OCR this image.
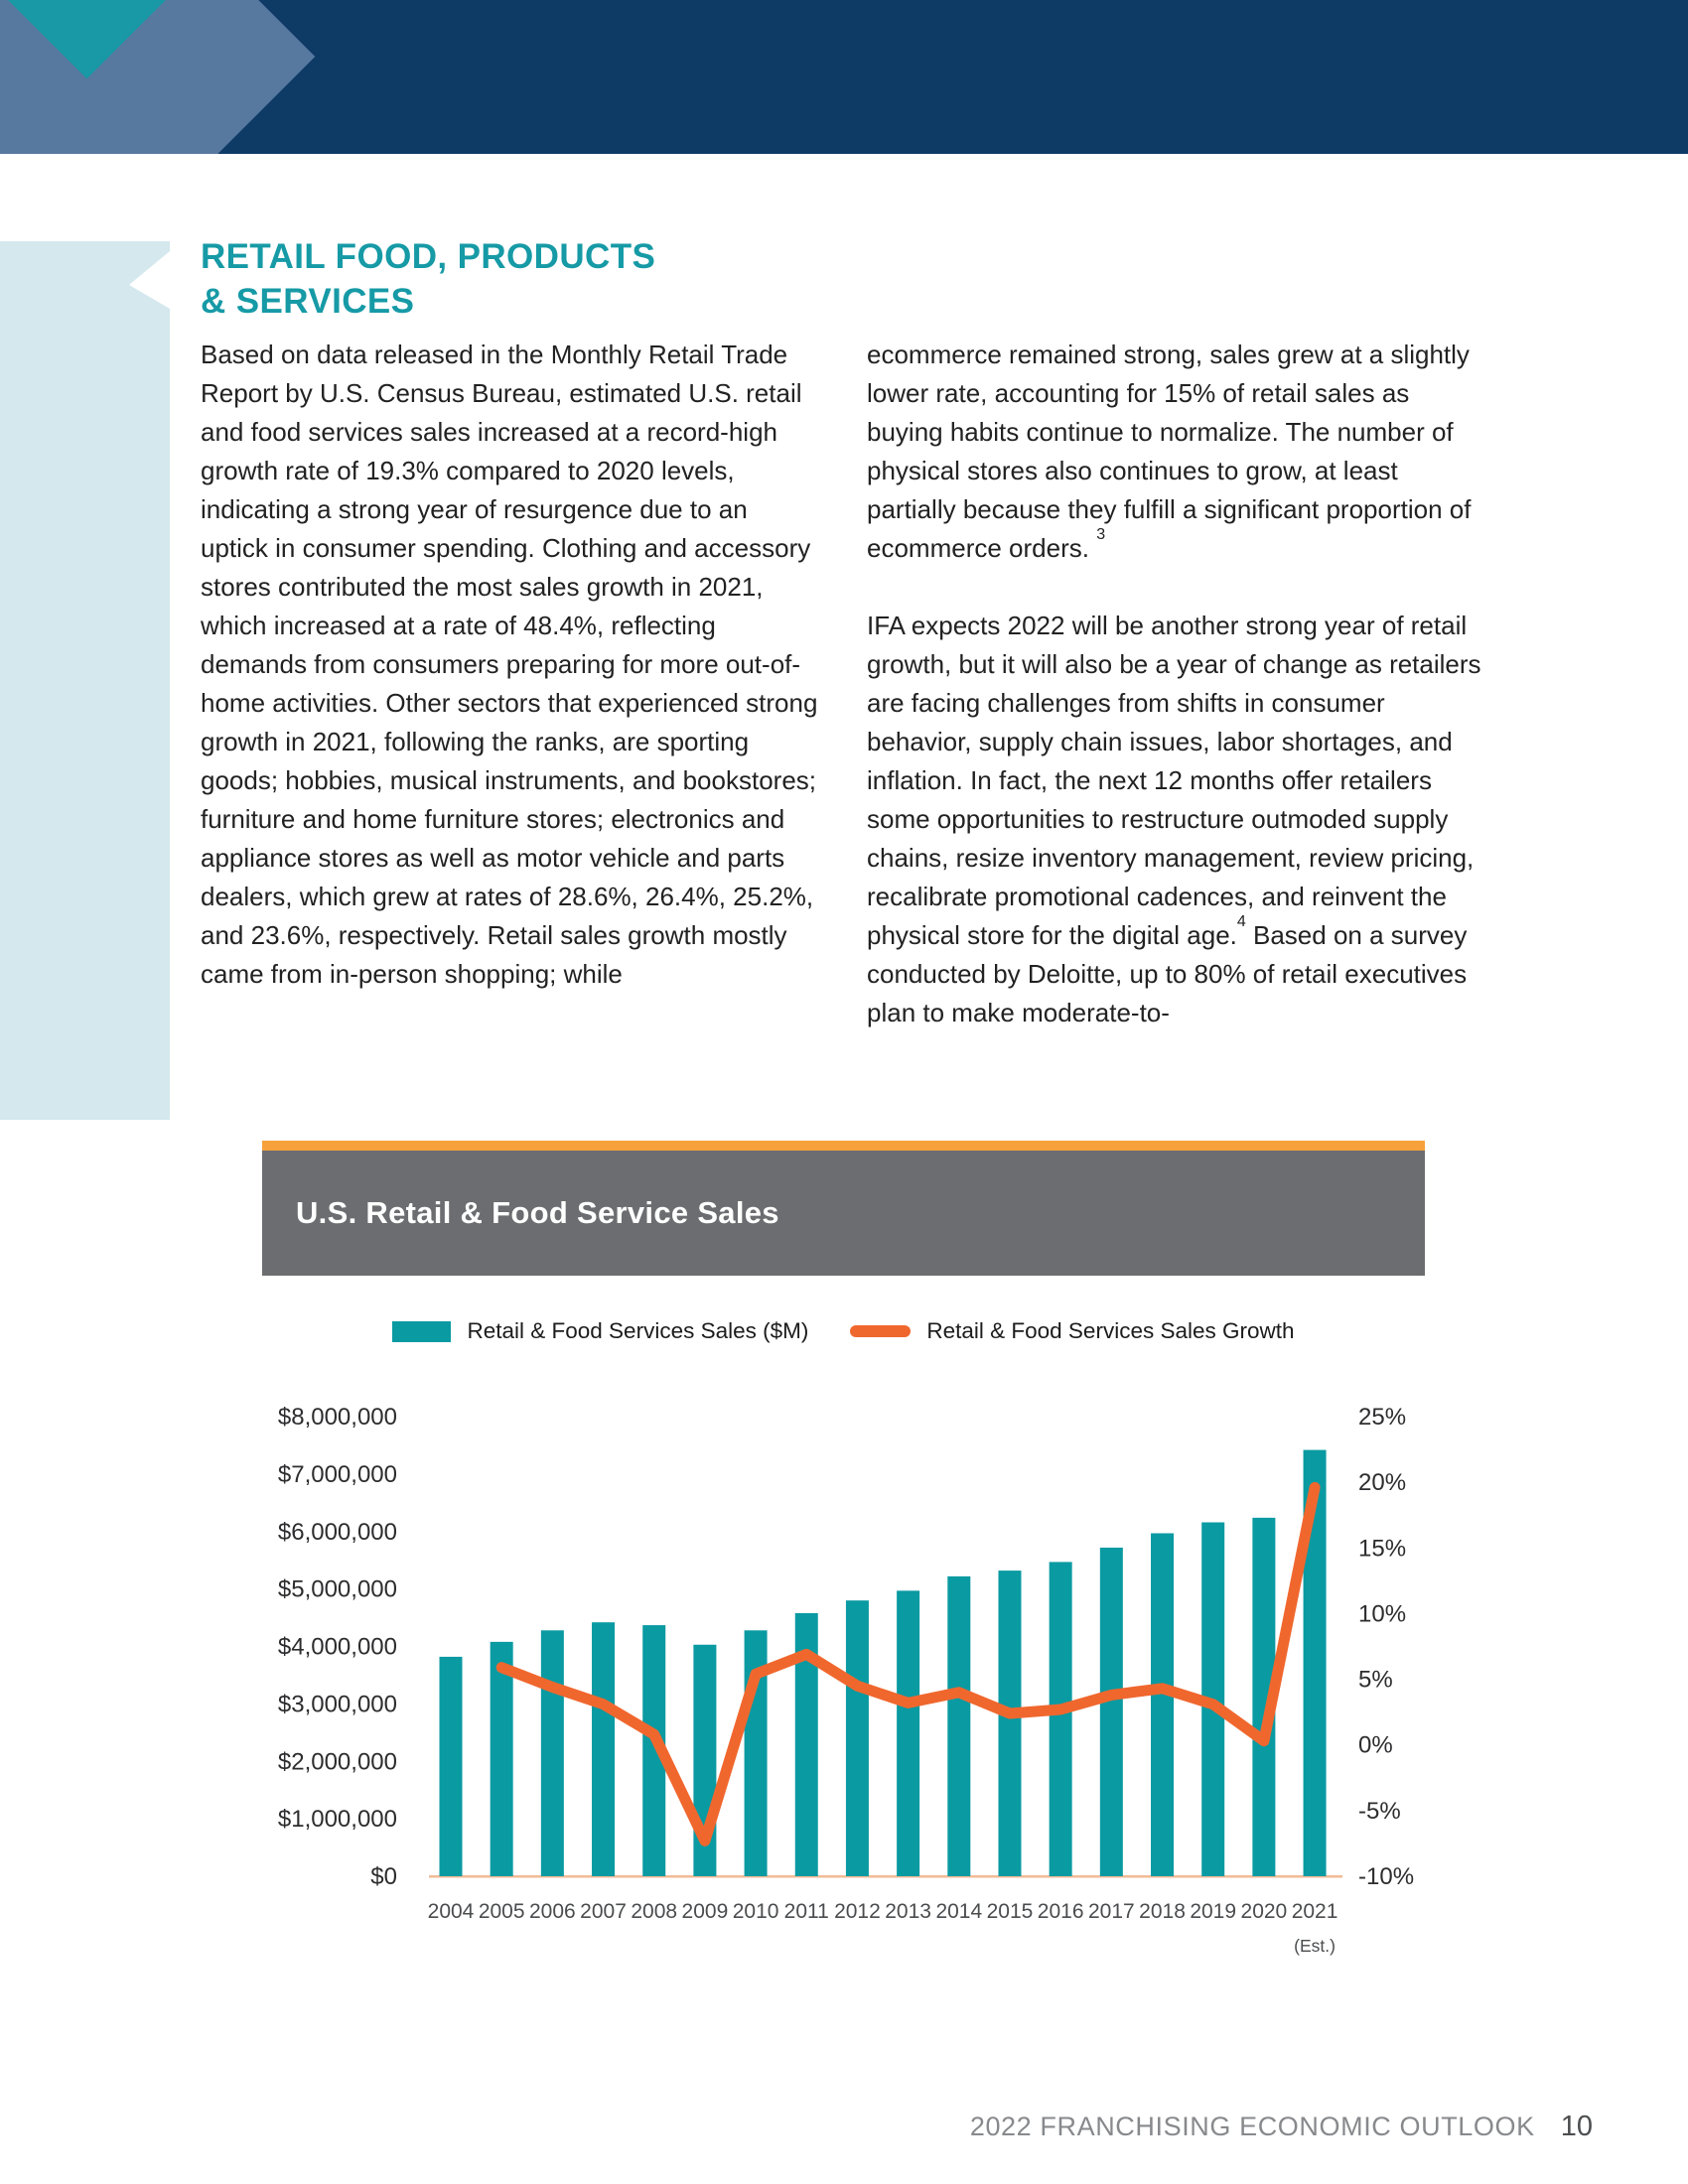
RETAIL FOOD, PRODUCTS
& SERVICES

Based on data released in the Monthly Retail Trade Report by U.S. Census Bureau, estimated U.S. retail and food services sales increased at a record-high growth rate of 19.3% compared to 2020 levels, indicating a strong year of resurgence due to an uptick in consumer spending. Clothing and accessory stores contributed the most sales growth in 2021, which increased at a rate of 48.4%, reflecting demands from consumers preparing for more out-of-home activities. Other sectors that experienced strong growth in 2021, following the ranks, are sporting goods; hobbies, musical instruments, and bookstores; furniture and home furniture stores; electronics and appliance stores as well as motor vehicle and parts dealers, which grew at rates of 28.6%, 26.4%, 25.2%, and 23.6%, respectively. Retail sales growth mostly came from in-person shopping; while

ecommerce remained strong, sales grew at a slightly lower rate, accounting for 15% of retail sales as buying habits continue to normalize. The number of physical stores also continues to grow, at least partially because they fulfill a significant proportion of ecommerce orders. $^3$

IFA expects 2022 will be another strong year of retail growth, but it will also be a year of change as retailers are facing challenges from shifts in consumer behavior, supply chain issues, labor shortages, and inflation. In fact, the next 12 months offer retailers some opportunities to restructure outmoded supply chains, resize inventory management, review pricing, recalibrate promotional cadences, and reinvent the physical store for the digital age.$^4$ Based on a survey conducted by Deloitte, up to 80% of retail executives plan to make moderate-to-

U.S. Retail & Food Service Sales
Retail & Food Services Sales ($M)	Retail & Food Services Sales Growth
$8,000,000
$7,000,000
$6,000,000
$5,000,000
$4,000,000
$3,000,000
$2,000,000
$1,000,000
$0
25%
20%
15%
10%
5%
0%
-5%
-10%
2004 2005 2006 2007 2008 2009 2010 2011 2012 2013 2014 2015 2016 2017 2018 2019 2020 2021
(Est.)
2022 FRANCHISING ECONOMIC OUTLOOK 10
